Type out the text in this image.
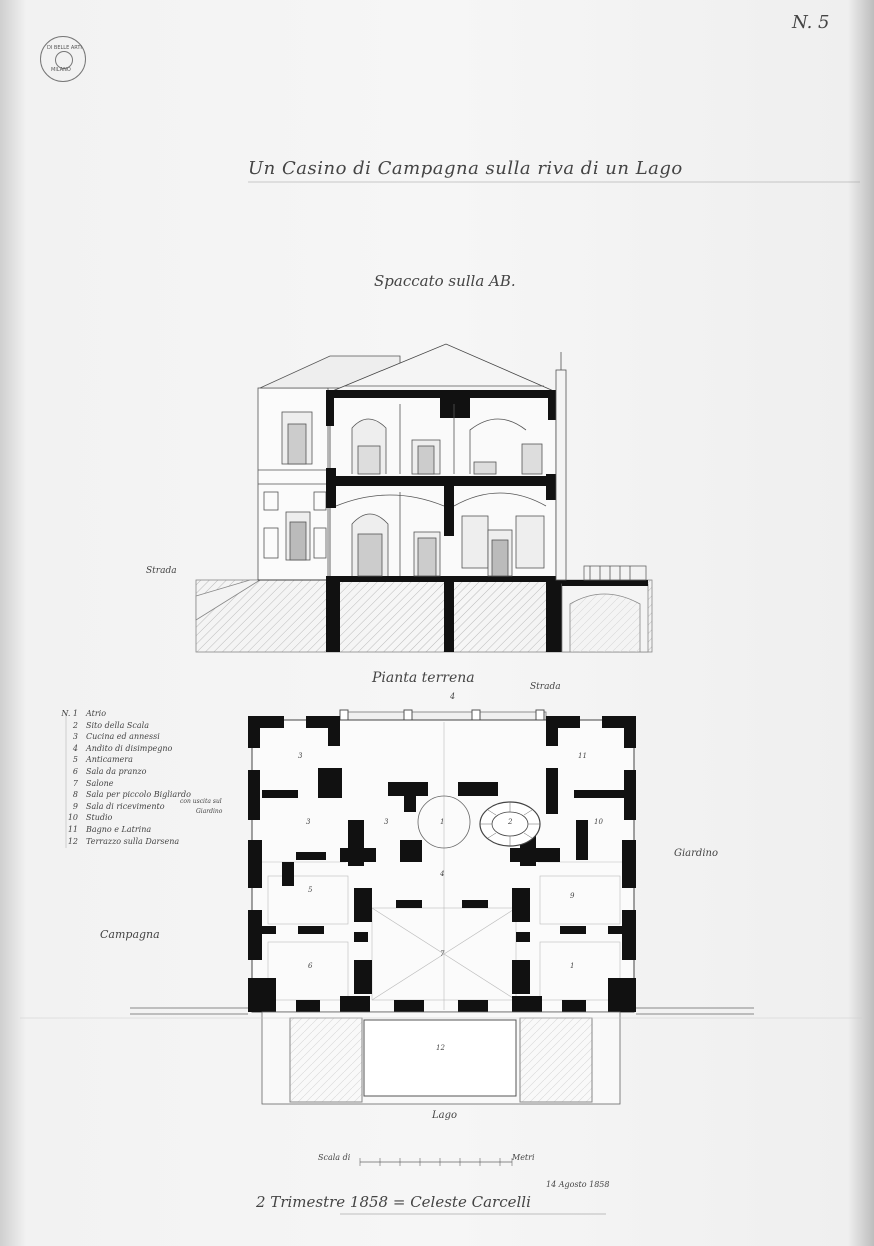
DI BELLE ARTI
MILANO
N. 5
Un Casino di Campagna sulla riva di un Lago
Spaccato sulla AB.
Pianta terrena
3	11
3	3	1	2	10
4
5
9
6
7
1
12
4
Strada
Strada
Giardino
Campagna
Lago
Scala di	Metri
N. 1 Atrio
2 Sito della Scala
3 Cucina ed annessi
4 Andito di disimpegno
5 Anticamera
6 Sala da pranzo
7 Salone
8 Sala per piccolo Bigliardo
9 Sala di ricevimento
10 Studio
11 Bagno e Latrina
12 Terrazzo sulla Darsena
con uscita sul
Giardino
2 Trimestre 1858 = Celeste Carcelli
14 Agosto 1858
